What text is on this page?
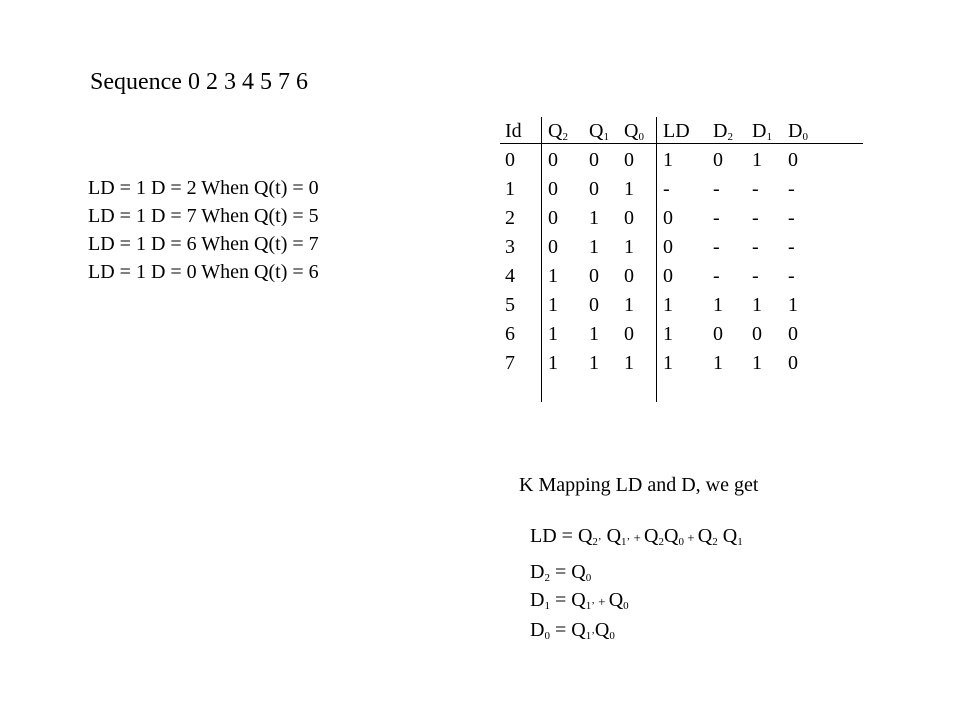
Sequence 0 2 3 4 5 7 6
LD = 1 D = 2 When Q(t) = 0
LD = 1 D = 7 When Q(t) = 5
LD = 1 D = 6 When Q(t) = 7
LD = 1 D = 0 When Q(t) = 6
Id $Q_2$ $Q_1$ $Q_0$ LD $D_2$ $D_1$ $D_0$
0 0 0 0 1 0 1 0
1 0 0 1 - - - -
2 0 1 0 0 - - -
3 0 1 1 0 - - -
4 1 0 0 0 - - -
5 1 0 1 1 1 1 1
6 1 1 0 1 0 0 0
7 1 1 1 1 1 1 0
K Mapping LD and D, we get
LD = $Q_2$’ $Q_1$’ + $Q_2Q_0 + Q_2$ $Q_1$
$D_2 = Q_0$
$D_1 = Q_1$’ + $Q_0$
$D_0$ = $Q_1’Q_0$
